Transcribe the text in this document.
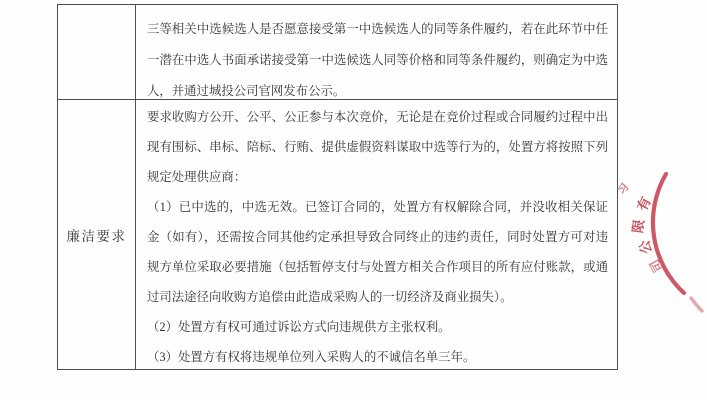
三等相关中选候选人是否愿意接受第一中选候选人的同等条件履约，若在此环节中任一潜在中选人书面承诺接受第一中选候选人同等价格和同等条件履约，则确定为中选人，并通过城投公司官网发布公示。

廉洁要求

要求收购方公开、公平、公正参与本次竞价，无论是在竞价过程或合同履约过程中出现有围标、串标、陪标、行贿、提供虚假资料谋取中选等行为的，处置方将按照下列规定处理供应商：

（1）已中选的，中选无效。已签订合同的，处置方有权解除合同，并没收相关保证金（如有），还需按合同其他约定承担导致合同终止的违约责任，同时处置方可对违规方单位采取必要措施（包括暂停支付与处置方相关合作项目的所有应付账款，或通过司法途径向收购方追偿由此造成采购人的一切经济及商业损失）。

（2）处置方有权可通过诉讼方式向违规供方主张权利。

（3）处置方有权将违规单位列入采购人的不诚信名单三年。

习
有
限
公
司
